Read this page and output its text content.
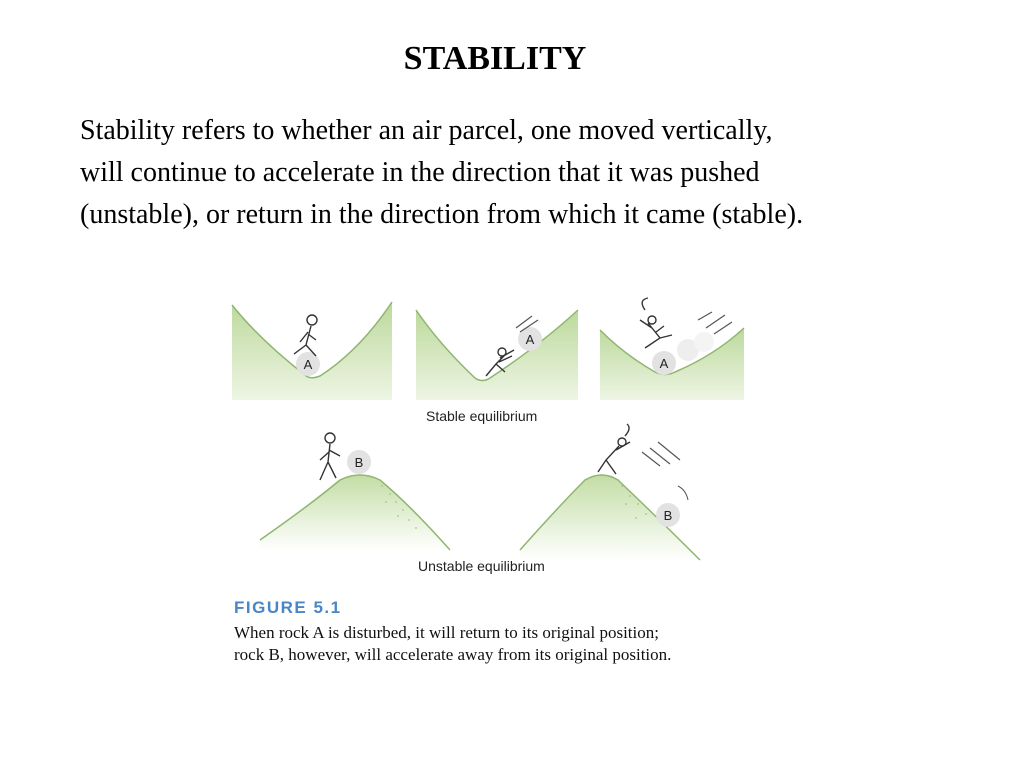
STABILITY
Stability refers to whether an air parcel, one moved vertically,
will continue to accelerate in the direction that it was pushed
(unstable), or return in the direction from which it came (stable).
A
A
A
B
B
Stable equilibrium
Unstable equilibrium
FIGURE 5.1
When rock A is disturbed, it will return to its original position;
rock B, however, will accelerate away from its original position.
